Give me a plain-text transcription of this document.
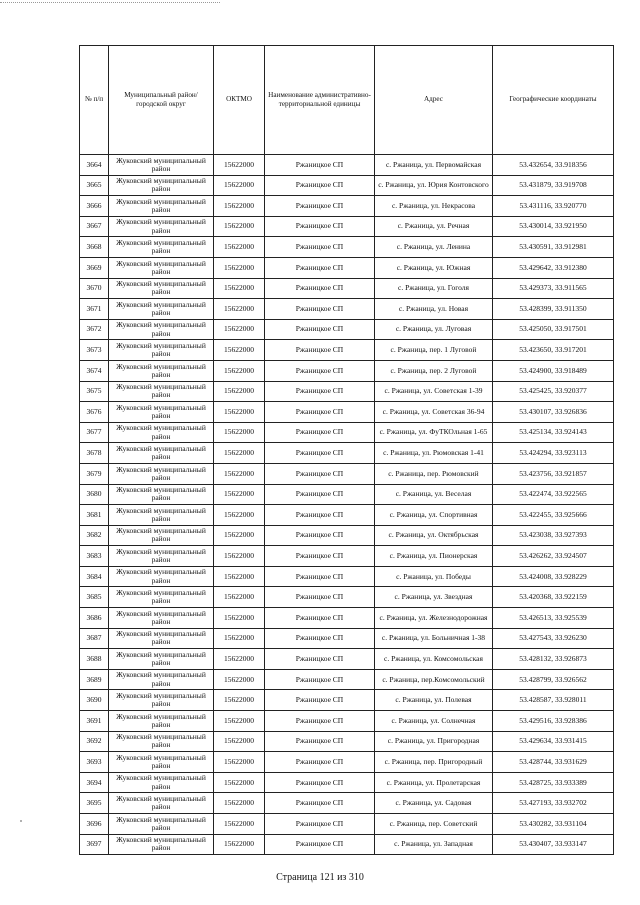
№ п/п	Муниципальный район/городской округ	ОКТМО	Наименование административно-территориальной единицы	Адрес	Географические координаты
3664	Жуковский муниципальный район	15622000	Ржаницкое СП	с. Ржаница, ул. Первомайская	53.432654, 33.918356
3665	Жуковский муниципальный район	15622000	Ржаницкое СП	с. Ржаница, ул. Юрия Контовского	53.431879, 33.919708
3666	Жуковский муниципальный район	15622000	Ржаницкое СП	с. Ржаница, ул. Некрасова	53.431116, 33.920770
3667	Жуковский муниципальный район	15622000	Ржаницкое СП	с. Ржаница, ул. Речная	53.430014, 33.921950
3668	Жуковский муниципальный район	15622000	Ржаницкое СП	с. Ржаница, ул. Ленина	53.430591, 33.912981
3669	Жуковский муниципальный район	15622000	Ржаницкое СП	с. Ржаница, ул. Южная	53.429642, 33.912380
3670	Жуковский муниципальный район	15622000	Ржаницкое СП	с. Ржаница, ул. Гоголя	53.429373, 33.911565
3671	Жуковский муниципальный район	15622000	Ржаницкое СП	с. Ржаница, ул. Новая	53.428399, 33.911350
3672	Жуковский муниципальный район	15622000	Ржаницкое СП	с. Ржаница, ул. Луговая	53.425050, 33.917501
3673	Жуковский муниципальный район	15622000	Ржаницкое СП	с. Ржаница, пер. 1 Луговой	53.423650, 33.917201
3674	Жуковский муниципальный район	15622000	Ржаницкое СП	с. Ржаница, пер. 2 Луговой	53.424900, 33.918489
3675	Жуковский муниципальный район	15622000	Ржаницкое СП	с. Ржаница, ул. Советская 1-39	53.425425, 33.920377
3676	Жуковский муниципальный район	15622000	Ржаницкое СП	с. Ржаница, ул. Советская 36-94	53.430107, 33.926836
3677	Жуковский муниципальный район	15622000	Ржаницкое СП	с. Ржаница, ул. ФуТКОльная 1-65	53.425134, 33.924143
3678	Жуковский муниципальный район	15622000	Ржаницкое СП	с. Ржаница, ул. Рюмовская 1-41	53.424294, 33.923113
3679	Жуковский муниципальный район	15622000	Ржаницкое СП	с. Ржаница, пер. Рюмовский	53.423756, 33.921857
3680	Жуковский муниципальный район	15622000	Ржаницкое СП	с. Ржаница, ул. Веселая	53.422474, 33.922565
3681	Жуковский муниципальный район	15622000	Ржаницкое СП	с. Ржаница, ул. Спортивная	53.422455, 33.925666
3682	Жуковский муниципальный район	15622000	Ржаницкое СП	с. Ржаница, ул. Октябрьская	53.423038, 33.927393
3683	Жуковский муниципальный район	15622000	Ржаницкое СП	с. Ржаница, ул. Пионерская	53.426262, 33.924507
3684	Жуковский муниципальный район	15622000	Ржаницкое СП	с. Ржаница, ул. Победы	53.424008, 33.928229
3685	Жуковский муниципальный район	15622000	Ржаницкое СП	с. Ржаница, ул. Звездная	53.420368, 33.922159
3686	Жуковский муниципальный район	15622000	Ржаницкое СП	с. Ржаница, ул. Железнодорожная	53.426513, 33.925539
3687	Жуковский муниципальный район	15622000	Ржаницкое СП	с. Ржаница, ул. Больничная 1-38	53.427543, 33.926230
3688	Жуковский муниципальный район	15622000	Ржаницкое СП	с. Ржаница, ул. Комсомольская	53.428132, 33.926873
3689	Жуковский муниципальный район	15622000	Ржаницкое СП	с. Ржаница, пер.Комсомольский	53.428799, 33.926562
3690	Жуковский муниципальный район	15622000	Ржаницкое СП	с. Ржаница, ул. Полевая	53.428587, 33.928011
3691	Жуковский муниципальный район	15622000	Ржаницкое СП	с. Ржаница, ул. Солнечная	53.429516, 33.928386
3692	Жуковский муниципальный район	15622000	Ржаницкое СП	с. Ржаница, ул. Пригородная	53.429634, 33.931415
3693	Жуковский муниципальный район	15622000	Ржаницкое СП	с. Ржаница, пер. Пригородный	53.428744, 33.931629
3694	Жуковский муниципальный район	15622000	Ржаницкое СП	с. Ржаница, ул. Пролетарская	53.428725, 33.933389
3695	Жуковский муниципальный район	15622000	Ржаницкое СП	с. Ржаница, ул. Садовая	53.427193, 33.932702
3696	Жуковский муниципальный район	15622000	Ржаницкое СП	с. Ржаница, пер. Советский	53.430282, 33.931104
3697	Жуковский муниципальный район	15622000	Ржаницкое СП	с. Ржаница, ул. Западная	53.430407, 33.933147
Страница 121 из 310
